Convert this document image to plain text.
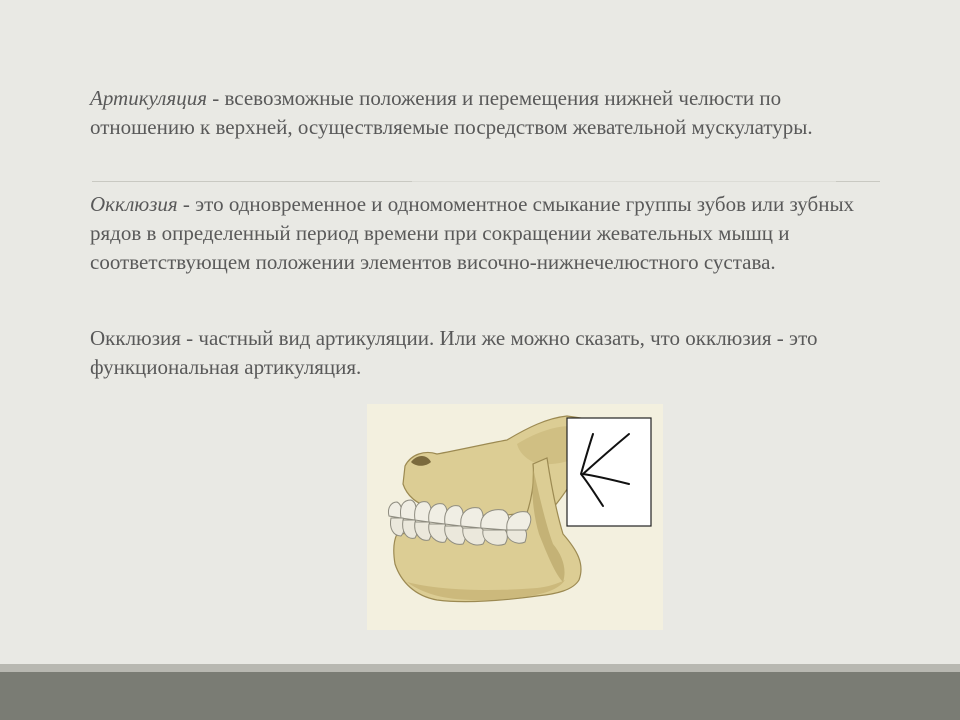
Артикуляция - всевозможные положения и перемещения нижней челюсти по отношению к верхней, осуществляемые посредством жевательной мускулатуры.

Окклюзия - это одновременное и одномоментное смыкание группы зубов или зубных рядов в определенный период времени при сокращении жевательных мышц и соответствующем положении элементов височно-нижнечелюстного сустава.

Окклюзия - частный вид артикуляции. Или же можно сказать, что окклюзия - это функциональная артикуляция.
